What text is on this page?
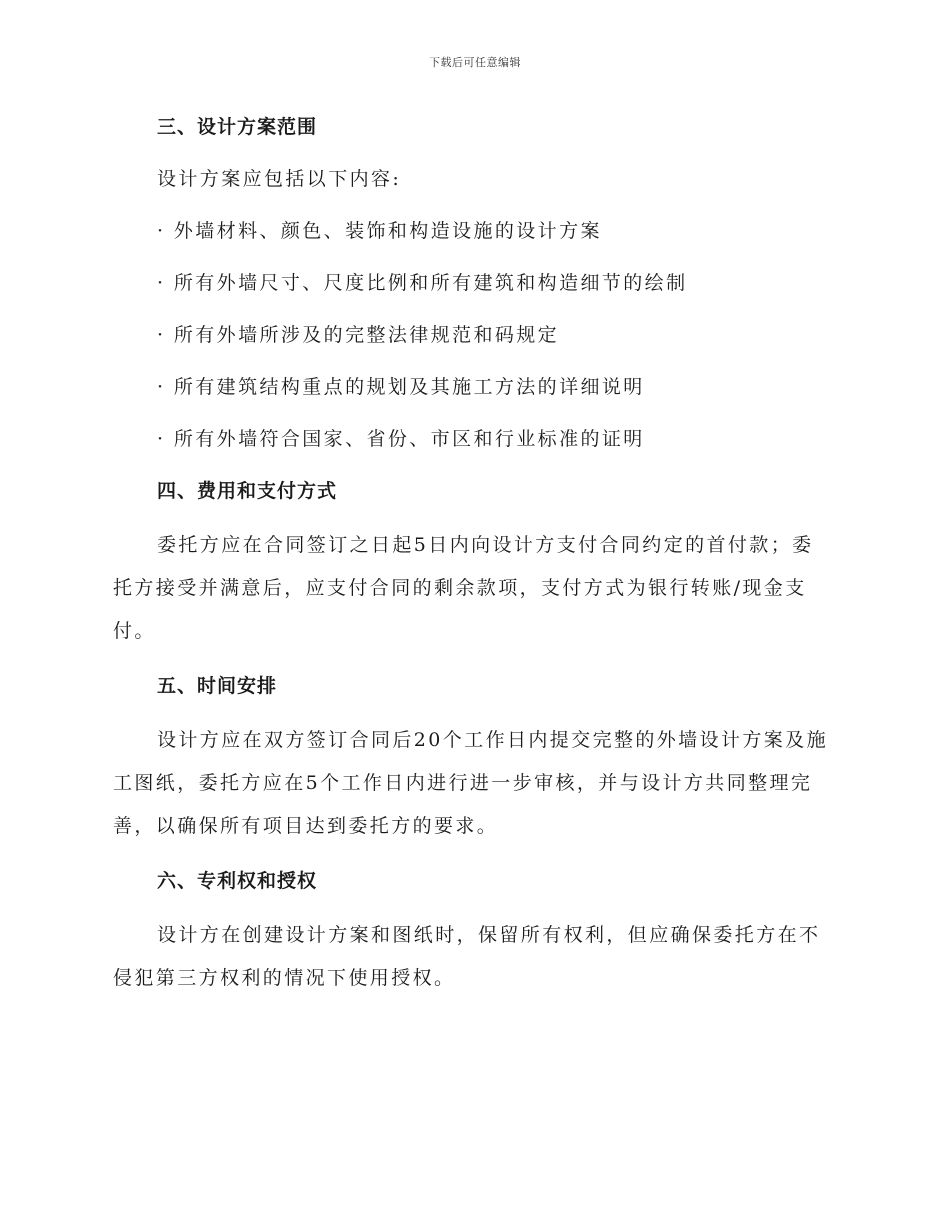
下载后可任意编辑
三、设计方案范围
设计方案应包括以下内容:
· 外墙材料、颜色、装饰和构造设施的设计方案
· 所有外墙尺寸、尺度比例和所有建筑和构造细节的绘制
· 所有外墙所涉及的完整法律规范和码规定
· 所有建筑结构重点的规划及其施工方法的详细说明
· 所有外墙符合国家、省份、市区和行业标准的证明
四、费用和支付方式
委托方应在合同签订之日起5日内向设计方支付合同约定的首付款；委
托方接受并满意后，应支付合同的剩余款项，支付方式为银行转账/现金支
付。
五、时间安排
设计方应在双方签订合同后20个工作日内提交完整的外墙设计方案及施
工图纸，委托方应在5个工作日内进行进一步审核，并与设计方共同整理完
善，以确保所有项目达到委托方的要求。
六、专利权和授权
设计方在创建设计方案和图纸时，保留所有权利，但应确保委托方在不
侵犯第三方权利的情况下使用授权。
